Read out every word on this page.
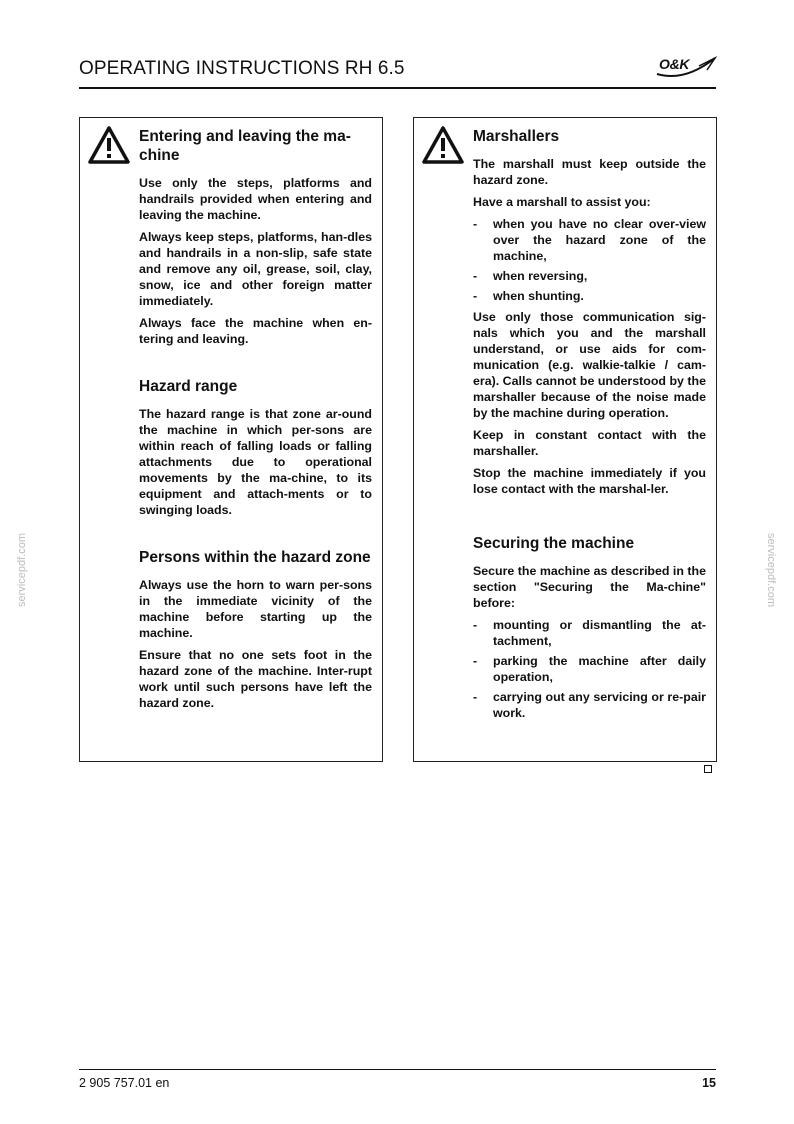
OPERATING INSTRUCTIONS RH 6.5	O&K
servicepdf.com	servicepdf.com
Entering and leaving the ma-chine

Use only the steps, platforms and handrails provided when entering and leaving the machine.

Always keep steps, platforms, han-dles and handrails in a non-slip, safe state and remove any oil, grease, soil, clay, snow, ice and other foreign matter immediately.

Always face the machine when en-tering and leaving.

Hazard range

The hazard range is that zone ar-ound the machine in which per-sons are within reach of falling loads or falling attachments due to operational movements by the ma-chine, to its equipment and attach-ments or to swinging loads.

Persons within the hazard zone

Always use the horn to warn per-sons in the immediate vicinity of the machine before starting up the machine.

Ensure that no one sets foot in the hazard zone of the machine. Inter-rupt work until such persons have left the hazard zone.

Marshallers

The marshall must keep outside the hazard zone.

Have a marshall to assist you:

- when you have no clear over-view over the hazard zone of the machine,
- when reversing,
- when shunting.

Use only those communication sig-nals which you and the marshall understand, or use aids for com-munication (e.g. walkie-talkie / cam-era). Calls cannot be understood by the marshaller because of the noise made by the machine during operation.

Keep in constant contact with the marshaller.

Stop the machine immediately if you lose contact with the marshal-ler.

Securing the machine

Secure the machine as described in the section "Securing the Ma-chine" before:

- mounting or dismantling the at-tachment,
- parking the machine after daily operation,
- carrying out any servicing or re-pair work.
2 905 757.01 en	15
